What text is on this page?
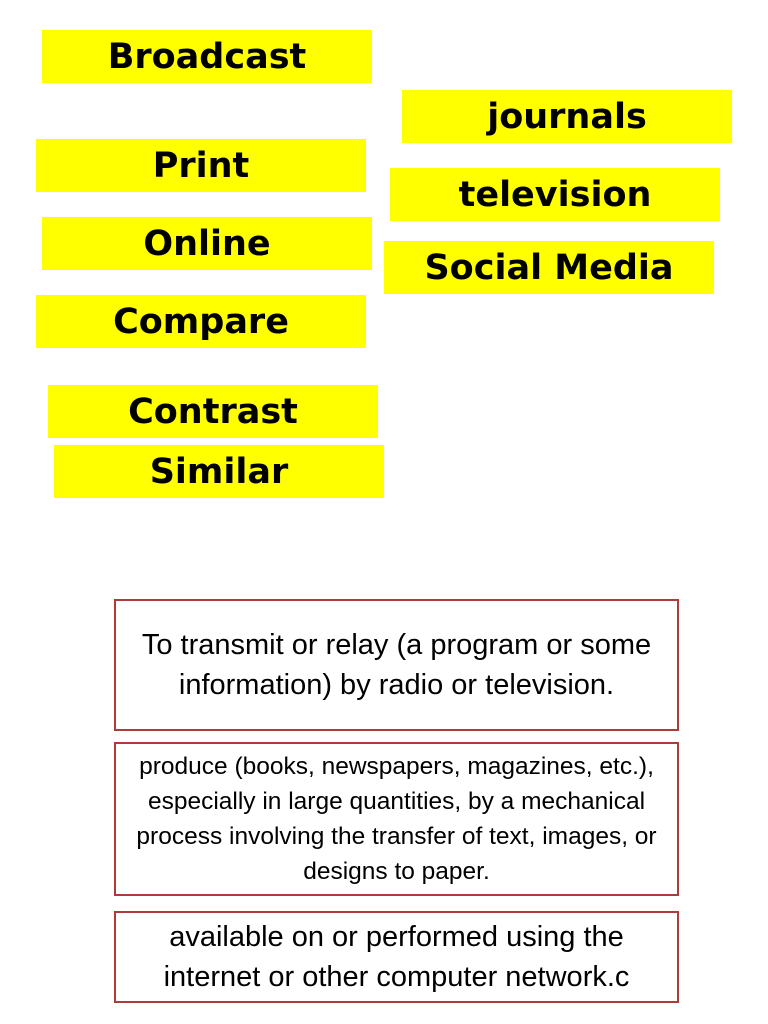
Broadcast
journals
Print
television
Online
Social Media
Compare
Contrast
Similar
To transmit or relay (a program or some information) by radio or television.
produce (books, newspapers, magazines, etc.), especially in large quantities, by a mechanical process involving the transfer of text, images, or designs to paper.
available on or performed using the internet or other computer network.c
